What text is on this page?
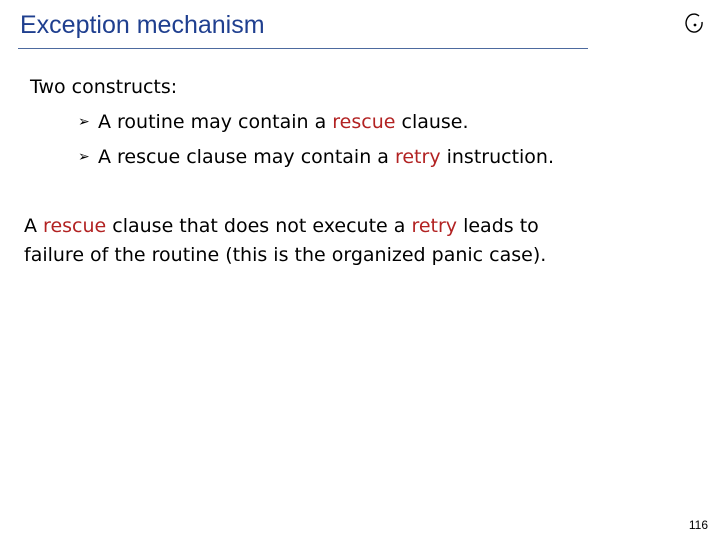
Exception mechanism
Two constructs:
➢ A routine may contain a rescue clause.
➢ A rescue clause may contain a retry instruction.
A rescue clause that does not execute a retry leads to
failure of the routine (this is the organized panic case).
116
